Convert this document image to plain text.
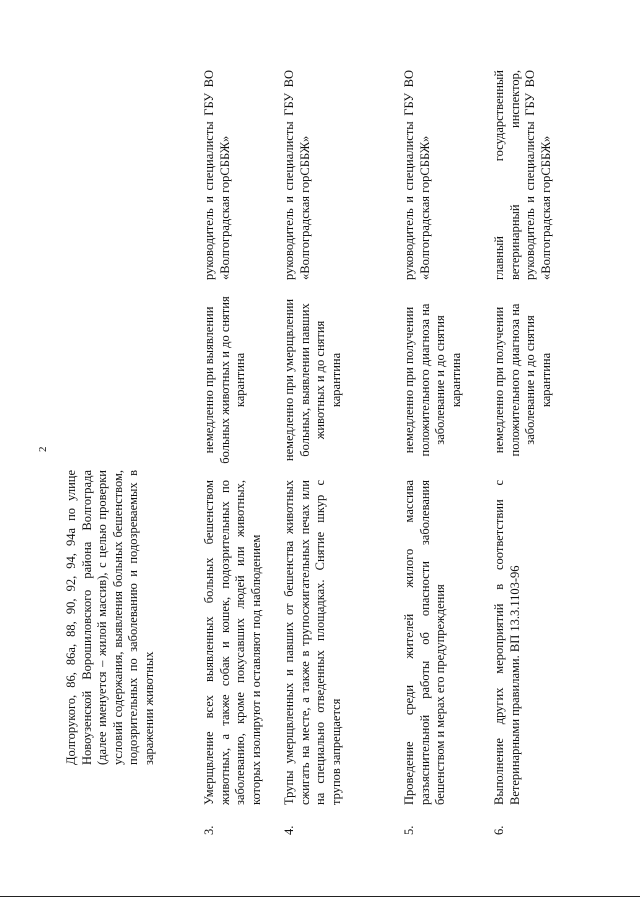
2
Долгорукого, 86, 86а, 88, 90, 92, 94, 94а по улице Новоузенской Ворошиловского района Волгограда (далее именуется – жилой массив), с целью проверки условий содержания, выявления больных бешенством, подозрительных по заболеванию и подозреваемых в заражении животных
3.
Умерщвление всех выявленных больных бешенством животных, а также собак и кошек, подозрительных по заболеванию, кроме покусавших людей или животных, которых изолируют и оставляют под наблюдением
немедленно при выявлении больных животных и до снятия карантина
руководитель и специалисты ГБУ ВО «Волгоградская горСББЖ»
4.
Трупы умерщвленных и павших от бешенства животных сжигать на месте, а также в трупосжигательных печах или на специально отведенных площадках. Снятие шкур с трупов запрещается
немедленно при умерщвлении больных, выявлении павших животных и до снятия карантина
руководитель и специалисты ГБУ ВО «Волгоградская горСББЖ»
5.
Проведение среди жителей жилого массива разъяснительной работы об опасности заболевания бешенством и мерах его предупреждения
немедленно при получении положительного диагноза на заболевание и до снятия карантина
руководитель и специалисты ГБУ ВО «Волгоградская горСББЖ»
6.
Выполнение других мероприятий в соответствии с Ветеринарными правилами. ВП 13.3.1103-96
немедленно при получении положительного диагноза на заболевание и до снятия карантина
главный государственный ветеринарный инспектор, руководитель и специалисты ГБУ ВО «Волгоградская горСББЖ»
